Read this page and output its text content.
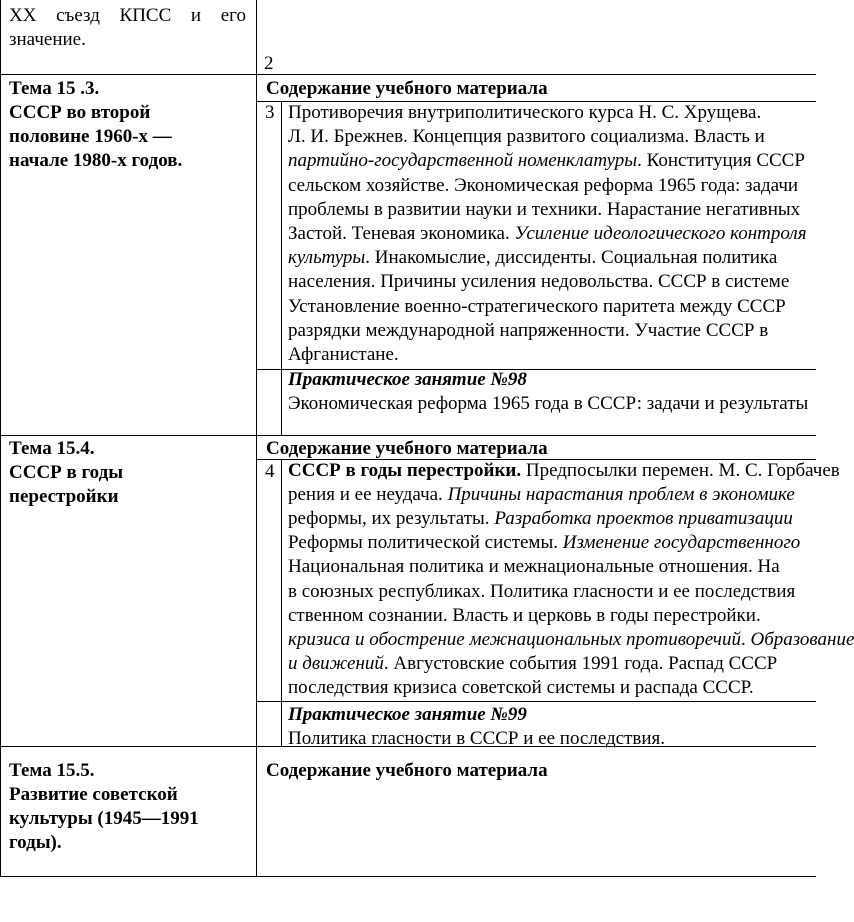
ХХ съезд КПСС и его
значение.
2
Тема 15 .3.
СССР во второй
половине 1960-х —
начале 1980-х годов.
Содержание учебного материала
3 Противоречия внутриполитического курса Н. С. Хрущева.
Л. И. Брежнев. Концепция развитого социализма. Власть и
партийно-государственной номенклатуры. Конституция СССР
сельском хозяйстве. Экономическая реформа 1965 года: задачи
проблемы в развитии науки и техники. Нарастание негативных
Застой. Теневая экономика. Усиление идеологического контроля
культуры. Инакомыслие, диссиденты. Социальная политика
населения. Причины усиления недовольства. СССР в системе
Установление военно-стратегического паритета между СССР
разрядки международной напряженности. Участие СССР в
Афганистане.
Практическое занятие №98
Экономическая реформа 1965 года в СССР: задачи и результаты
Тема 15.4.
СССР в годы
перестройки
Содержание учебного материала
4 СССР в годы перестройки. Предпосылки перемен. М. С. Горбачев
рения и ее неудача. Причины нарастания проблем в экономике
реформы, их результаты. Разработка проектов приватизации
Реформы политической системы. Изменение государственного
Национальная политика и межнациональные отношения. На
в союзных республиках. Политика гласности и ее последствия
ственном сознании. Власть и церковь в годы перестройки.
кризиса и обострение межнациональных противоречий. Образование
и движений. Августовские события 1991 года. Распад СССР
последствия кризиса советской системы и распада СССР.
Практическое занятие №99
Политика гласности в СССР и ее последствия.
Тема 15.5.
Развитие советской
культуры (1945—1991
годы).
Содержание учебного материала
